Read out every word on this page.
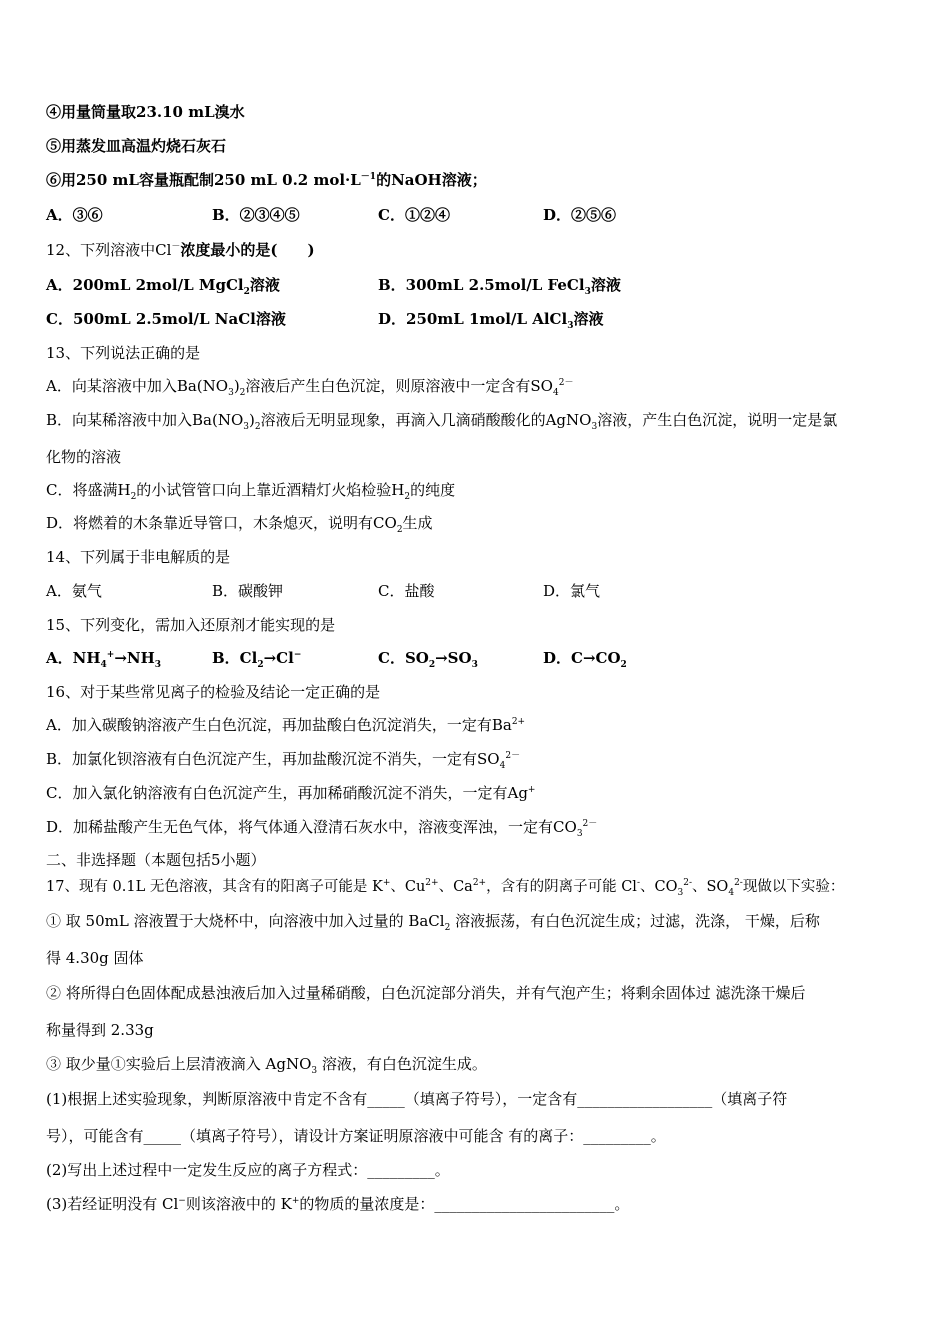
④用量筒量取23.10 mL溴水
⑤用蒸发皿高温灼烧石灰石
⑥用250 mL容量瓶配制250 mL 0.2 $mol\cdot L^{-1}$的NaOH溶液；
A．③⑥	B．②③④⑤	C．①②④	D．②⑤⑥
12、下列溶液中Cl－浓度最小的是(　　)
A．200mL 2mol/L MgCl$_2$溶液	B．300mL 2.5mol/L FeCl$_3$溶液
C．500mL 2.5mol/L NaCl溶液	D．250mL 1mol/L AlCl$_3$溶液
13、下列说法正确的是
A．向某溶液中加入$Ba(NO_3)_2$溶液后产生白色沉淀，则原溶液中一定含有$SO_4^{2-}$
B．向某稀溶液中加入$Ba(NO_3)_2$溶液后无明显现象，再滴入几滴硝酸酸化的AgNO$_3$溶液，产生白色沉淀，说明一定是氯
化物的溶液
C．将盛满$H_2$的小试管管口向上靠近酒精灯火焰检验$H_2$的纯度
D．将燃着的木条靠近导管口，木条熄灭，说明有$CO_2$生成
14、下列属于非电解质的是
A．氨气	B．碳酸钾	C．盐酸	D．氯气
15、下列变化，需加入还原剂才能实现的是
A．$NH_4^+\to NH_3$	B．$Cl_2\to Cl^-$	C．$SO_2\to SO_3$	D．$C\to CO_2$
16、对于某些常见离子的检验及结论一定正确的是
A．加入碳酸钠溶液产生白色沉淀，再加盐酸白色沉淀消失，一定有$Ba^{2+}$
B．加氯化钡溶液有白色沉淀产生，再加盐酸沉淀不消失，一定有$SO_4^{2-}$
C．加入氯化钠溶液有白色沉淀产生，再加稀硝酸沉淀不消失，一定有Ag+
D．加稀盐酸产生无色气体，将气体通入澄清石灰水中，溶液变浑浊，一定有$CO_3^{2-}$
二、非选择题（本题包括5小题）
17、现有 0.1L 无色溶液，其含有的阳离子可能是 K+、$Cu^{2+}$、$Ca^{2+}$，含有的阴离子可能 Cl-、$CO_3^{2-}$、$SO_4^{2-}$现做以下实验：
① 取 50mL 溶液置于大烧杯中，向溶液中加入过量的 BaCl$_2$ 溶液振荡，有白色沉淀生成；过滤，洗涤， 干燥，后称
得 4.30g 固体
② 将所得白色固体配成悬浊液后加入过量稀硝酸，白色沉淀部分消失，并有气泡产生；将剩余固体过 滤洗涤干燥后
称量得到 2.33g
③ 取少量①实验后上层清液滴入 AgNO$_3$ 溶液，有白色沉淀生成。
(1)根据上述实验现象，判断原溶液中肯定不含有_____（填离子符号），一定含有__________________（填离子符
号），可能含有_____（填离子符号），请设计方案证明原溶液中可能含 有的离子：_________。
(2)写出上述过程中一定发生反应的离子方程式：_________。
(3)若经证明没有 Cl−则该溶液中的 K+的物质的量浓度是：________________________。
